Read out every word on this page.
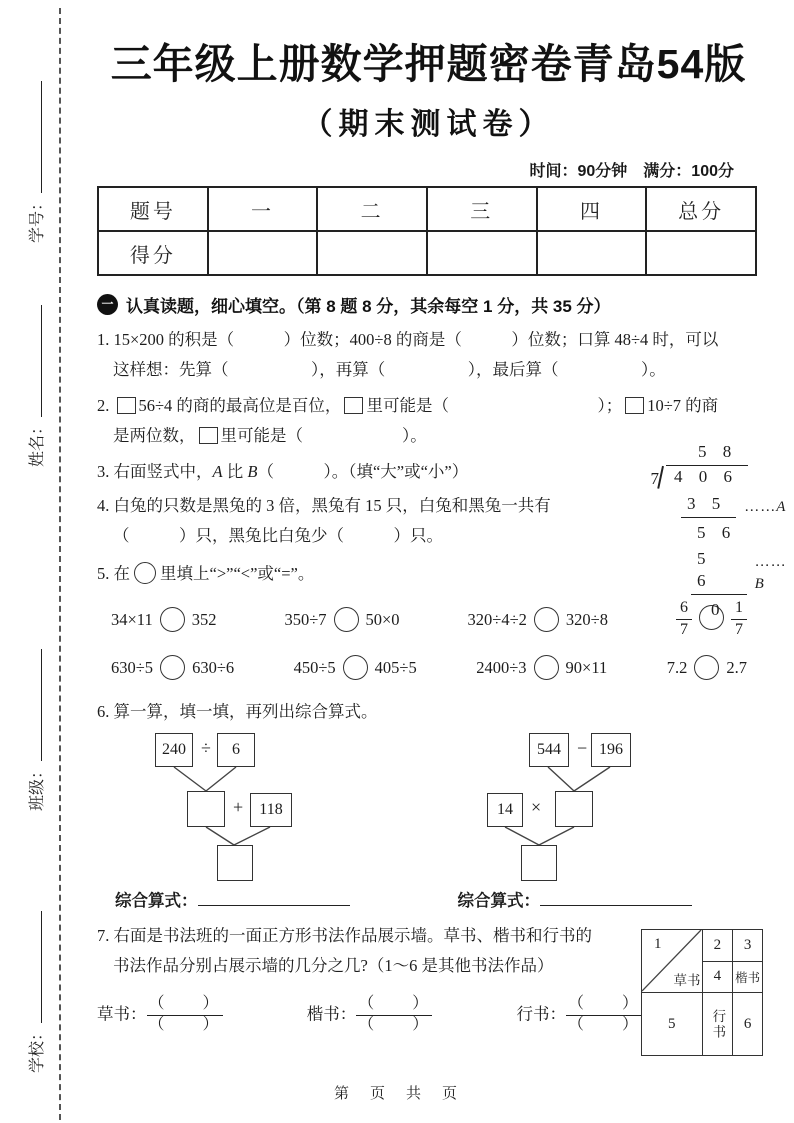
学号：
姓名：
班级：
学校：
三年级上册数学押题密卷青岛54版
（期末测试卷）
时间：90分钟　满分：100分
题号	一	二	三	四	总分
得分					
一 认真读题，细心填空。（第 8 题 8 分，其余每空 1 分，共 35 分）
1. 15×200 的积是（　　　）位数；400÷8 的商是（　　　）位数；口算 48÷4 时，可以
这样想：先算（　　　　　），再算（　　　　　），最后算（　　　　　）。
2. 56÷4 的商的最高位是百位， 里可能是（　　　　　　　　　）； 10÷7 的商
是两位数， 里可能是（　　　　　　）。
3. 右面竖式中，A 比 B（　　　）。（填“大”或“小”）
4. 白兔的只数是黑兔的 3 倍，黑兔有 15 只，白兔和黑兔一共有
（　　　）只，黑兔比白兔少（　　　）只。
5. 在 里填上“>”“<”或“=”。
34×11 352	350÷7 50×0	320÷4÷2 320÷8	$\frac{6}{7} \frac{1}{7}$
630÷5 630÷6	450÷5 405÷5	2400÷3 90×11	7.2 2.7
6. 算一算，填一填，再列出综合算式。
240 ÷	6
+	118
544 − 196
14	×
综合算式：	综合算式：
7. 右面是书法班的一面正方形书法作品展示墙。草书、楷书和行书的
书法作品分别占展示墙的几分之几?（1～6 是其他书法作品）
草书： $\frac{( )}{( )}$	楷书： $\frac{( )}{( )}$	行书： $\frac{( )}{( )}$
5 8
7 4 0 6
3 5	……A
5 6
5 6
……B
0
1
草书
5
2
4
行书
3
楷书
6
第　页　共　页
